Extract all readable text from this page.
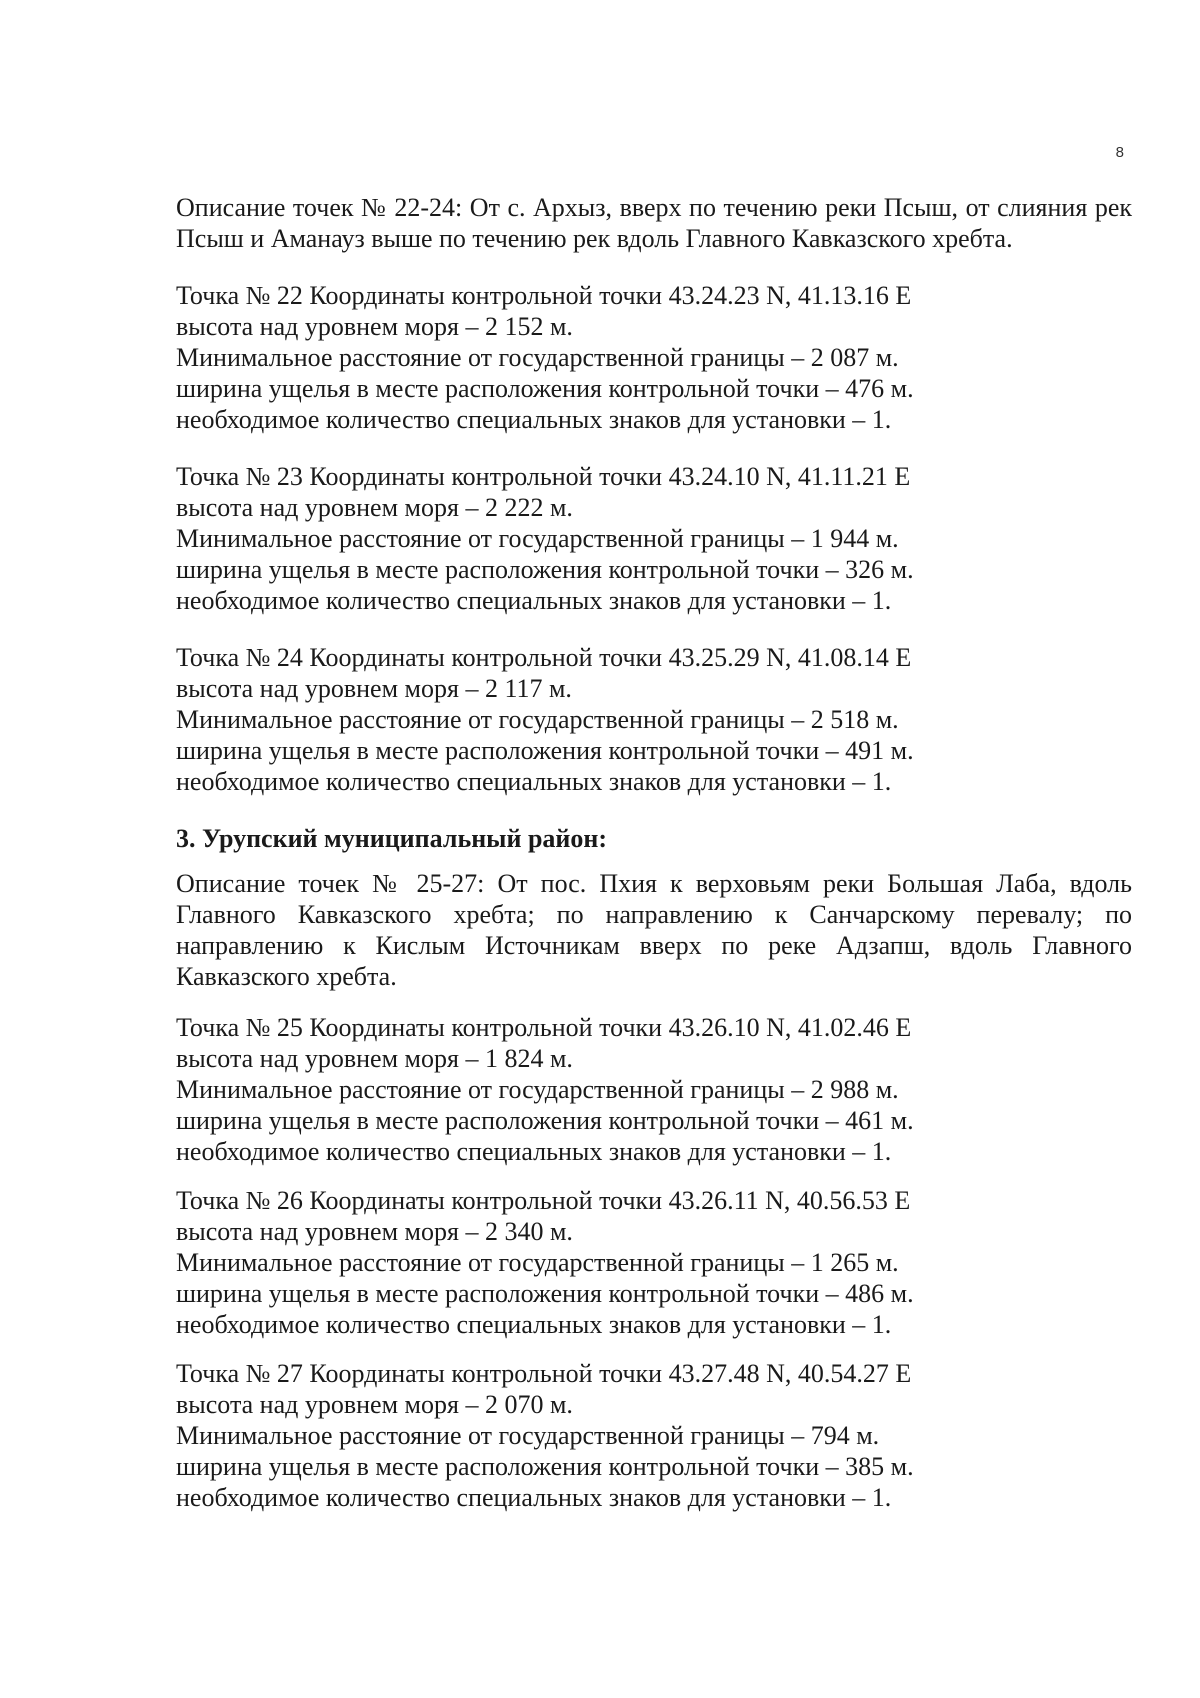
8

Описание точек № 22-24: От с. Архыз, вверх по течению реки Псыш, от слияния рек Псыш и Аманауз выше по течению рек вдоль Главного Кавказского хребта.

Точка № 22 Координаты контрольной точки 43.24.23 N, 41.13.16 E
высота над уровнем моря – 2 152 м.
Минимальное расстояние от государственной границы – 2 087 м.
ширина ущелья в месте расположения контрольной точки – 476 м.
необходимое количество специальных знаков для установки – 1.
Точка № 23 Координаты контрольной точки 43.24.10 N, 41.11.21 E
высота над уровнем моря – 2 222 м.
Минимальное расстояние от государственной границы – 1 944 м.
ширина ущелья в месте расположения контрольной точки – 326 м.
необходимое количество специальных знаков для установки – 1.
Точка № 24 Координаты контрольной точки 43.25.29 N, 41.08.14 E
высота над уровнем моря – 2 117 м.
Минимальное расстояние от государственной границы – 2 518 м.
ширина ущелья в месте расположения контрольной точки – 491 м.
необходимое количество специальных знаков для установки – 1.
3. Урупский муниципальный район:

Описание точек № 25-27: От пос. Пхия к верховьям реки Большая Лаба, вдоль Главного Кавказского хребта; по направлению к Санчарскому перевалу; по направлению к Кислым Источникам вверх по реке Адзапш, вдоль Главного Кавказского хребта.

Точка № 25 Координаты контрольной точки 43.26.10 N, 41.02.46 E
высота над уровнем моря – 1 824 м.
Минимальное расстояние от государственной границы – 2 988 м.
ширина ущелья в месте расположения контрольной точки – 461 м.
необходимое количество специальных знаков для установки – 1.
Точка № 26 Координаты контрольной точки 43.26.11 N, 40.56.53 E
высота над уровнем моря – 2 340 м.
Минимальное расстояние от государственной границы – 1 265 м.
ширина ущелья в месте расположения контрольной точки – 486 м.
необходимое количество специальных знаков для установки – 1.
Точка № 27 Координаты контрольной точки 43.27.48 N, 40.54.27 E
высота над уровнем моря – 2 070 м.
Минимальное расстояние от государственной границы – 794 м.
ширина ущелья в месте расположения контрольной точки – 385 м.
необходимое количество специальных знаков для установки – 1.
